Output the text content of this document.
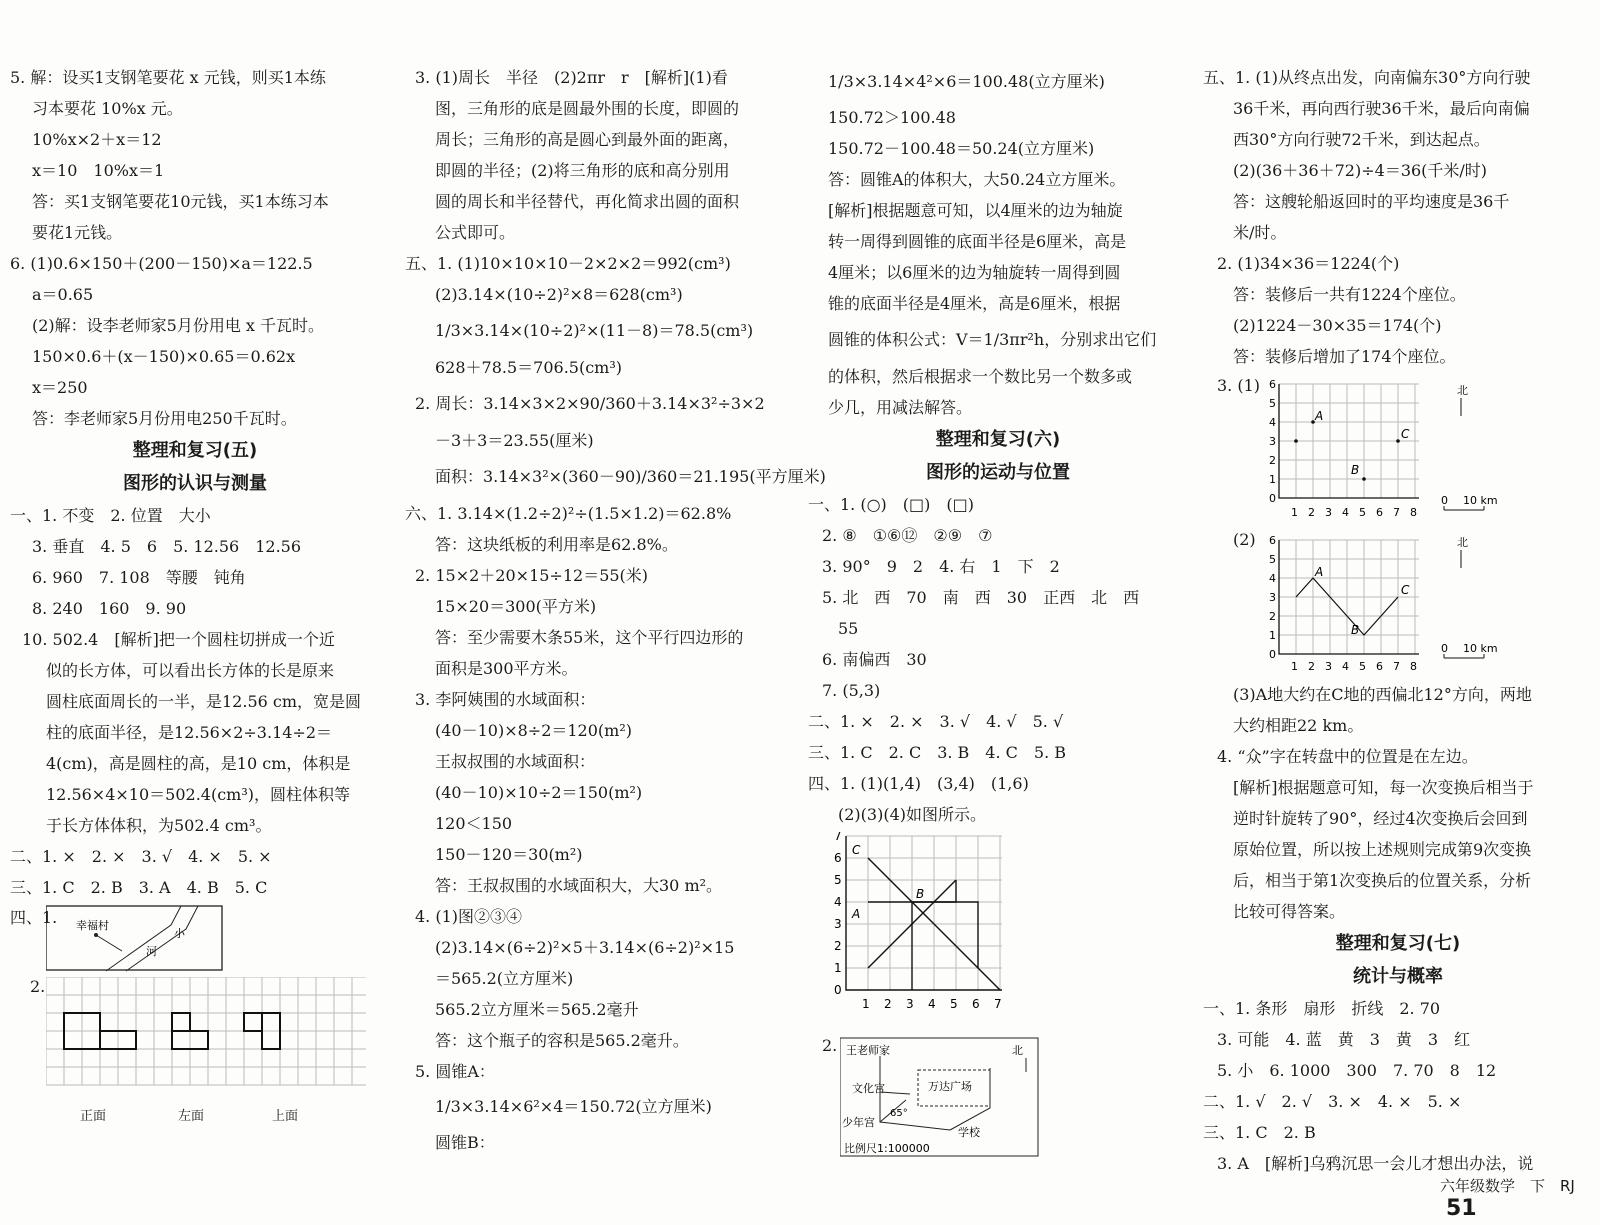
5. 解：设买1支钢笔要花 x 元钱，则买1本练
习本要花 10%x 元。
10%x×2＋x＝12
x＝10　10%x＝1
答：买1支钢笔要花10元钱，买1本练习本
要花1元钱。
6. (1)0.6×150＋(200－150)×a＝122.5
a＝0.65
(2)解：设李老师家5月份用电 x 千瓦时。
150×0.6＋(x－150)×0.65＝0.62x
x＝250
答：李老师家5月份用电250千瓦时。
整理和复习(五)
图形的认识与测量
一、1. 不变　2. 位置　大小
3. 垂直　4. 5　6　5. 12.56　12.56
6. 960　7. 108　等腰　钝角
8. 240　160　9. 90
10. 502.4　[解析]把一个圆柱切拼成一个近
似的长方体，可以看出长方体的长是原来
圆柱底面周长的一半，是12.56 cm，宽是圆
柱的底面半径，是12.56×2÷3.14÷2＝
4(cm)，高是圆柱的高，是10 cm，体积是
12.56×4×10＝502.4(cm³)，圆柱体积等
于长方体体积，为502.4 cm³。
二、1. ×　2. ×　3. √　4. ×　5. ×
三、1. C　2. B　3. A　4. B　5. C
四、1. 幸福村
小
河
2.
正面	左面	上面
3. (1)周长　半径　(2)2πr　r　[解析](1)看
图，三角形的底是圆最外围的长度，即圆的
周长；三角形的高是圆心到最外面的距离，
即圆的半径；(2)将三角形的底和高分别用
圆的周长和半径替代，再化简求出圆的面积
公式即可。
五、1. (1)10×10×10－2×2×2＝992(cm³)
(2)3.14×(10÷2)²×8＝628(cm³)
1/3×3.14×(10÷2)²×(11－8)＝78.5(cm³)
628＋78.5＝706.5(cm³)
2. 周长：3.14×3×2×90/360＋3.14×3²÷3×2
－3＋3＝23.55(厘米)
面积：3.14×3²×(360－90)/360＝21.195(平方厘米)
六、1. 3.14×(1.2÷2)²÷(1.5×1.2)＝62.8%
答：这块纸板的利用率是62.8%。
2. 15×2＋20×15÷12＝55(米)
15×20＝300(平方米)
答：至少需要木条55米，这个平行四边形的
面积是300平方米。
3. 李阿姨围的水域面积：
(40－10)×8÷2＝120(m²)
王叔叔围的水域面积：
(40－10)×10÷2＝150(m²)
120＜150
150－120＝30(m²)
答：王叔叔围的水域面积大，大30 m²。
4. (1)图②③④
(2)3.14×(6÷2)²×5＋3.14×(6÷2)²×15
＝565.2(立方厘米)
565.2立方厘米＝565.2毫升
答：这个瓶子的容积是565.2毫升。
5. 圆锥A：
1/3×3.14×6²×4＝150.72(立方厘米)
圆锥B：
1/3×3.14×4²×6＝100.48(立方厘米)
150.72＞100.48
150.72－100.48＝50.24(立方厘米)
答：圆锥A的体积大，大50.24立方厘米。
[解析]根据题意可知，以4厘米的边为轴旋
转一周得到圆锥的底面半径是6厘米，高是
4厘米；以6厘米的边为轴旋转一周得到圆
锥的底面半径是4厘米，高是6厘米，根据
圆锥的体积公式：V＝1/3πr²h，分别求出它们
的体积，然后根据求一个数比另一个数多或
少几，用减法解答。
整理和复习(六)
图形的运动与位置
一、1. (○)　(□)　(□)
2. ⑧　①⑥⑫　②⑨　⑦
3. 90°　9　2　4. 右　1　下　2
5. 北　西　70　南　西　30　正西　北　西
55
6. 南偏西　30
7. (5,3)
二、1. ×　2. ×　3. √　4. √　5. √
三、1. C　2. C　3. B　4. C　5. B
四、1. (1)(1,4)　(3,4)　(1,6)
(2)(3)(4)如图所示。
0
1 2 3 4 5 6 7
1
2
3
4
5
6
7
C
B
A
2. 王老师家
文化宫	万达广场
少年宫
学校
北
65°
比例尺1:100000
五、1. (1)从终点出发，向南偏东30°方向行驶
36千米，再向西行驶36千米，最后向南偏
西30°方向行驶72千米，到达起点。
(2)(36＋36＋72)÷4＝36(千米/时)
答：这艘轮船返回时的平均速度是36千
米/时。
2. (1)34×36＝1224(个)
答：装修后一共有1224个座位。
(2)1224－30×35＝174(个)
答：装修后增加了174个座位。
3. (1)
0
1 2 3 4 5 6 7 8
1
2
3
4
5
6
A
B
C
北
0 10 km
(2)
0
1 2 3 4 5 6 7 8
1
2
3
4
5
6
A
B
C
北
0 10 km
(3)A地大约在C地的西偏北12°方向，两地
大约相距22 km。
4. “众”字在转盘中的位置是在左边。
[解析]根据题意可知，每一次变换后相当于
逆时针旋转了90°，经过4次变换后会回到
原始位置，所以按上述规则完成第9次变换
后，相当于第1次变换后的位置关系，分析
比较可得答案。
整理和复习(七)
统计与概率
一、1. 条形　扇形　折线　2. 70
3. 可能　4. 蓝　黄　3　黄　3　红
5. 小　6. 1000　300　7. 70　8　12
二、1. √　2. √　3. ×　4. ×　5. ×
三、1. C　2. B
3. A　[解析]乌鸦沉思一会儿才想出办法，说
六年级数学　下　RJ 51
